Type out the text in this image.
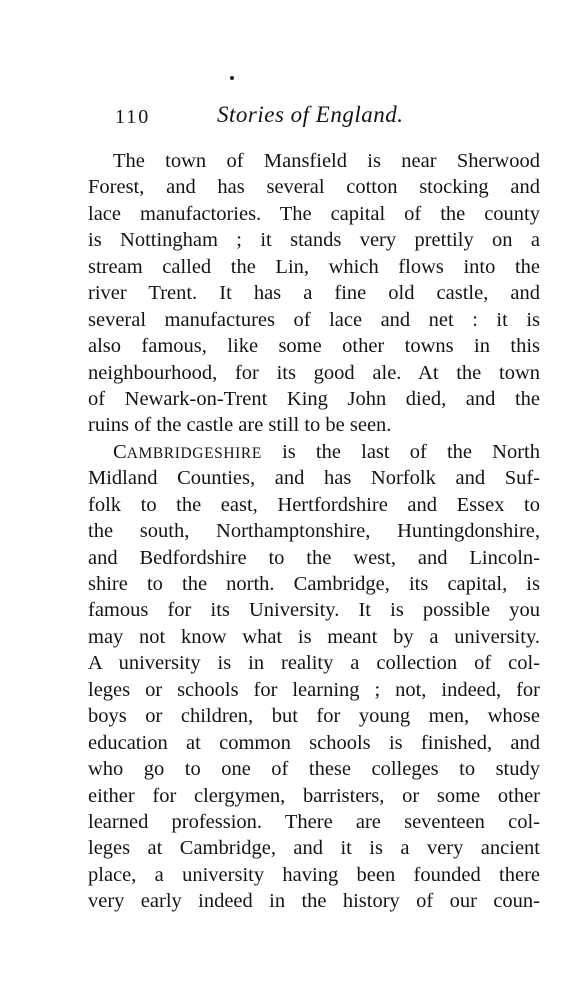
110	Stories of England.
The town of Mansfield is near Sherwood
Forest, and has several cotton stocking and
lace manufactories. The capital of the county
is Nottingham ; it stands very prettily on a
stream called the Lin, which flows into the
river Trent. It has a fine old castle, and
several manufactures of lace and net : it is
also famous, like some other towns in this
neighbourhood, for its good ale. At the town
of Newark-on-Trent King John died, and the
ruins of the castle are still to be seen.
CAMBRIDGESHIRE is the last of the North
Midland Counties, and has Norfolk and Suf-
folk to the east, Hertfordshire and Essex to
the south, Northamptonshire, Huntingdonshire,
and Bedfordshire to the west, and Lincoln-
shire to the north. Cambridge, its capital, is
famous for its University. It is possible you
may not know what is meant by a university.
A university is in reality a collection of col-
leges or schools for learning ; not, indeed, for
boys or children, but for young men, whose
education at common schools is finished, and
who go to one of these colleges to study
either for clergymen, barristers, or some other
learned profession. There are seventeen col-
leges at Cambridge, and it is a very ancient
place, a university having been founded there
very early indeed in the history of our coun-
